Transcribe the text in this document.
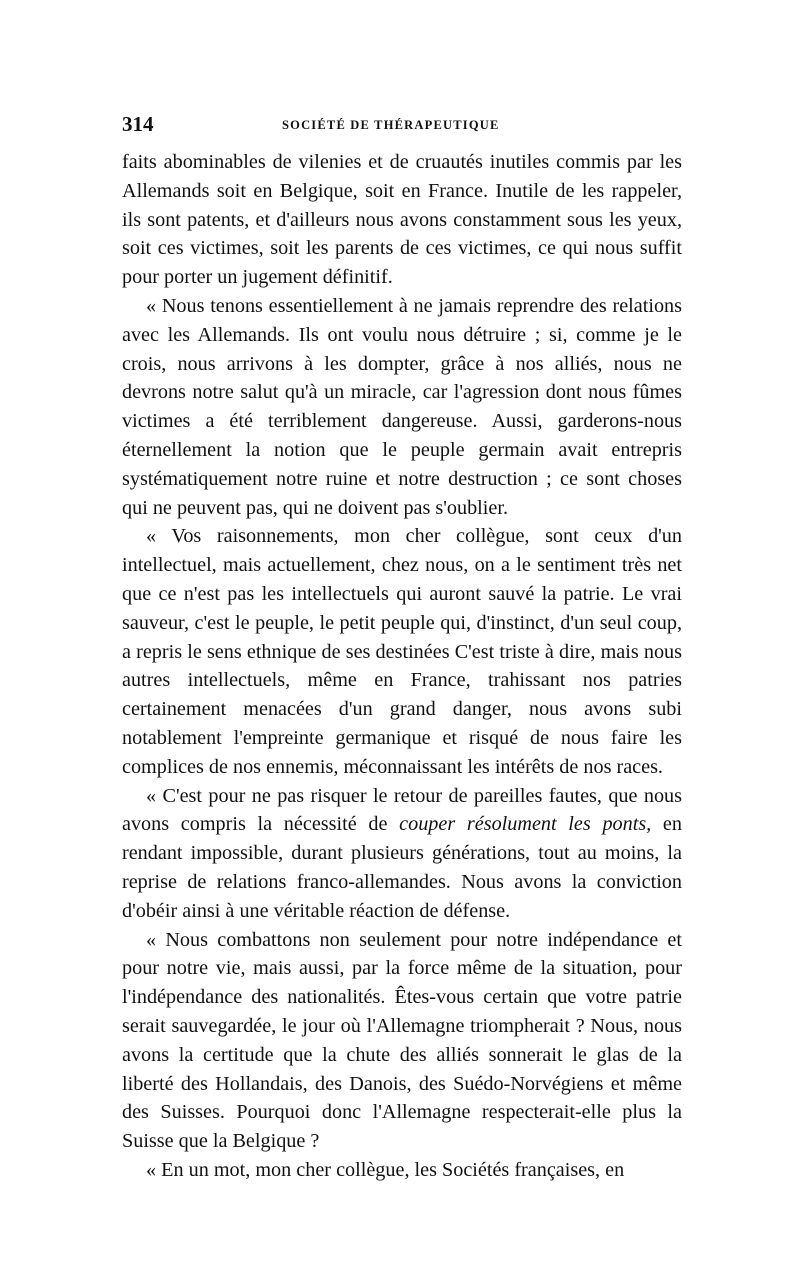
314	SOCIÉTÉ DE THÉRAPEUTIQUE

faits abominables de vilenies et de cruautés inutiles commis par les Allemands soit en Belgique, soit en France. Inutile de les rappeler, ils sont patents, et d'ailleurs nous avons constamment sous les yeux, soit ces victimes, soit les parents de ces victimes, ce qui nous suffit pour porter un jugement définitif.

« Nous tenons essentiellement à ne jamais reprendre des relations avec les Allemands. Ils ont voulu nous détruire ; si, comme je le crois, nous arrivons à les dompter, grâce à nos alliés, nous ne devrons notre salut qu'à un miracle, car l'agression dont nous fûmes victimes a été terriblement dangereuse. Aussi, garderons-nous éternellement la notion que le peuple germain avait entrepris systématiquement notre ruine et notre destruction ; ce sont choses qui ne peuvent pas, qui ne doivent pas s'oublier.

« Vos raisonnements, mon cher collègue, sont ceux d'un intellectuel, mais actuellement, chez nous, on a le sentiment très net que ce n'est pas les intellectuels qui auront sauvé la patrie. Le vrai sauveur, c'est le peuple, le petit peuple qui, d'instinct, d'un seul coup, a repris le sens ethnique de ses destinées C'est triste à dire, mais nous autres intellectuels, même en France, trahissant nos patries certainement menacées d'un grand danger, nous avons subi notablement l'empreinte germanique et risqué de nous faire les complices de nos ennemis, méconnaissant les intérêts de nos races.

« C'est pour ne pas risquer le retour de pareilles fautes, que nous avons compris la nécessité de couper résolument les ponts, en rendant impossible, durant plusieurs générations, tout au moins, la reprise de relations franco-allemandes. Nous avons la conviction d'obéir ainsi à une véritable réaction de défense.

« Nous combattons non seulement pour notre indépendance et pour notre vie, mais aussi, par la force même de la situation, pour l'indépendance des nationalités. Êtes-vous certain que votre patrie serait sauvegardée, le jour où l'Allemagne triompherait ? Nous, nous avons la certitude que la chute des alliés sonnerait le glas de la liberté des Hollandais, des Danois, des Suédo-Norvégiens et même des Suisses. Pourquoi donc l'Allemagne respecterait-elle plus la Suisse que la Belgique ?

« En un mot, mon cher collègue, les Sociétés françaises, en
